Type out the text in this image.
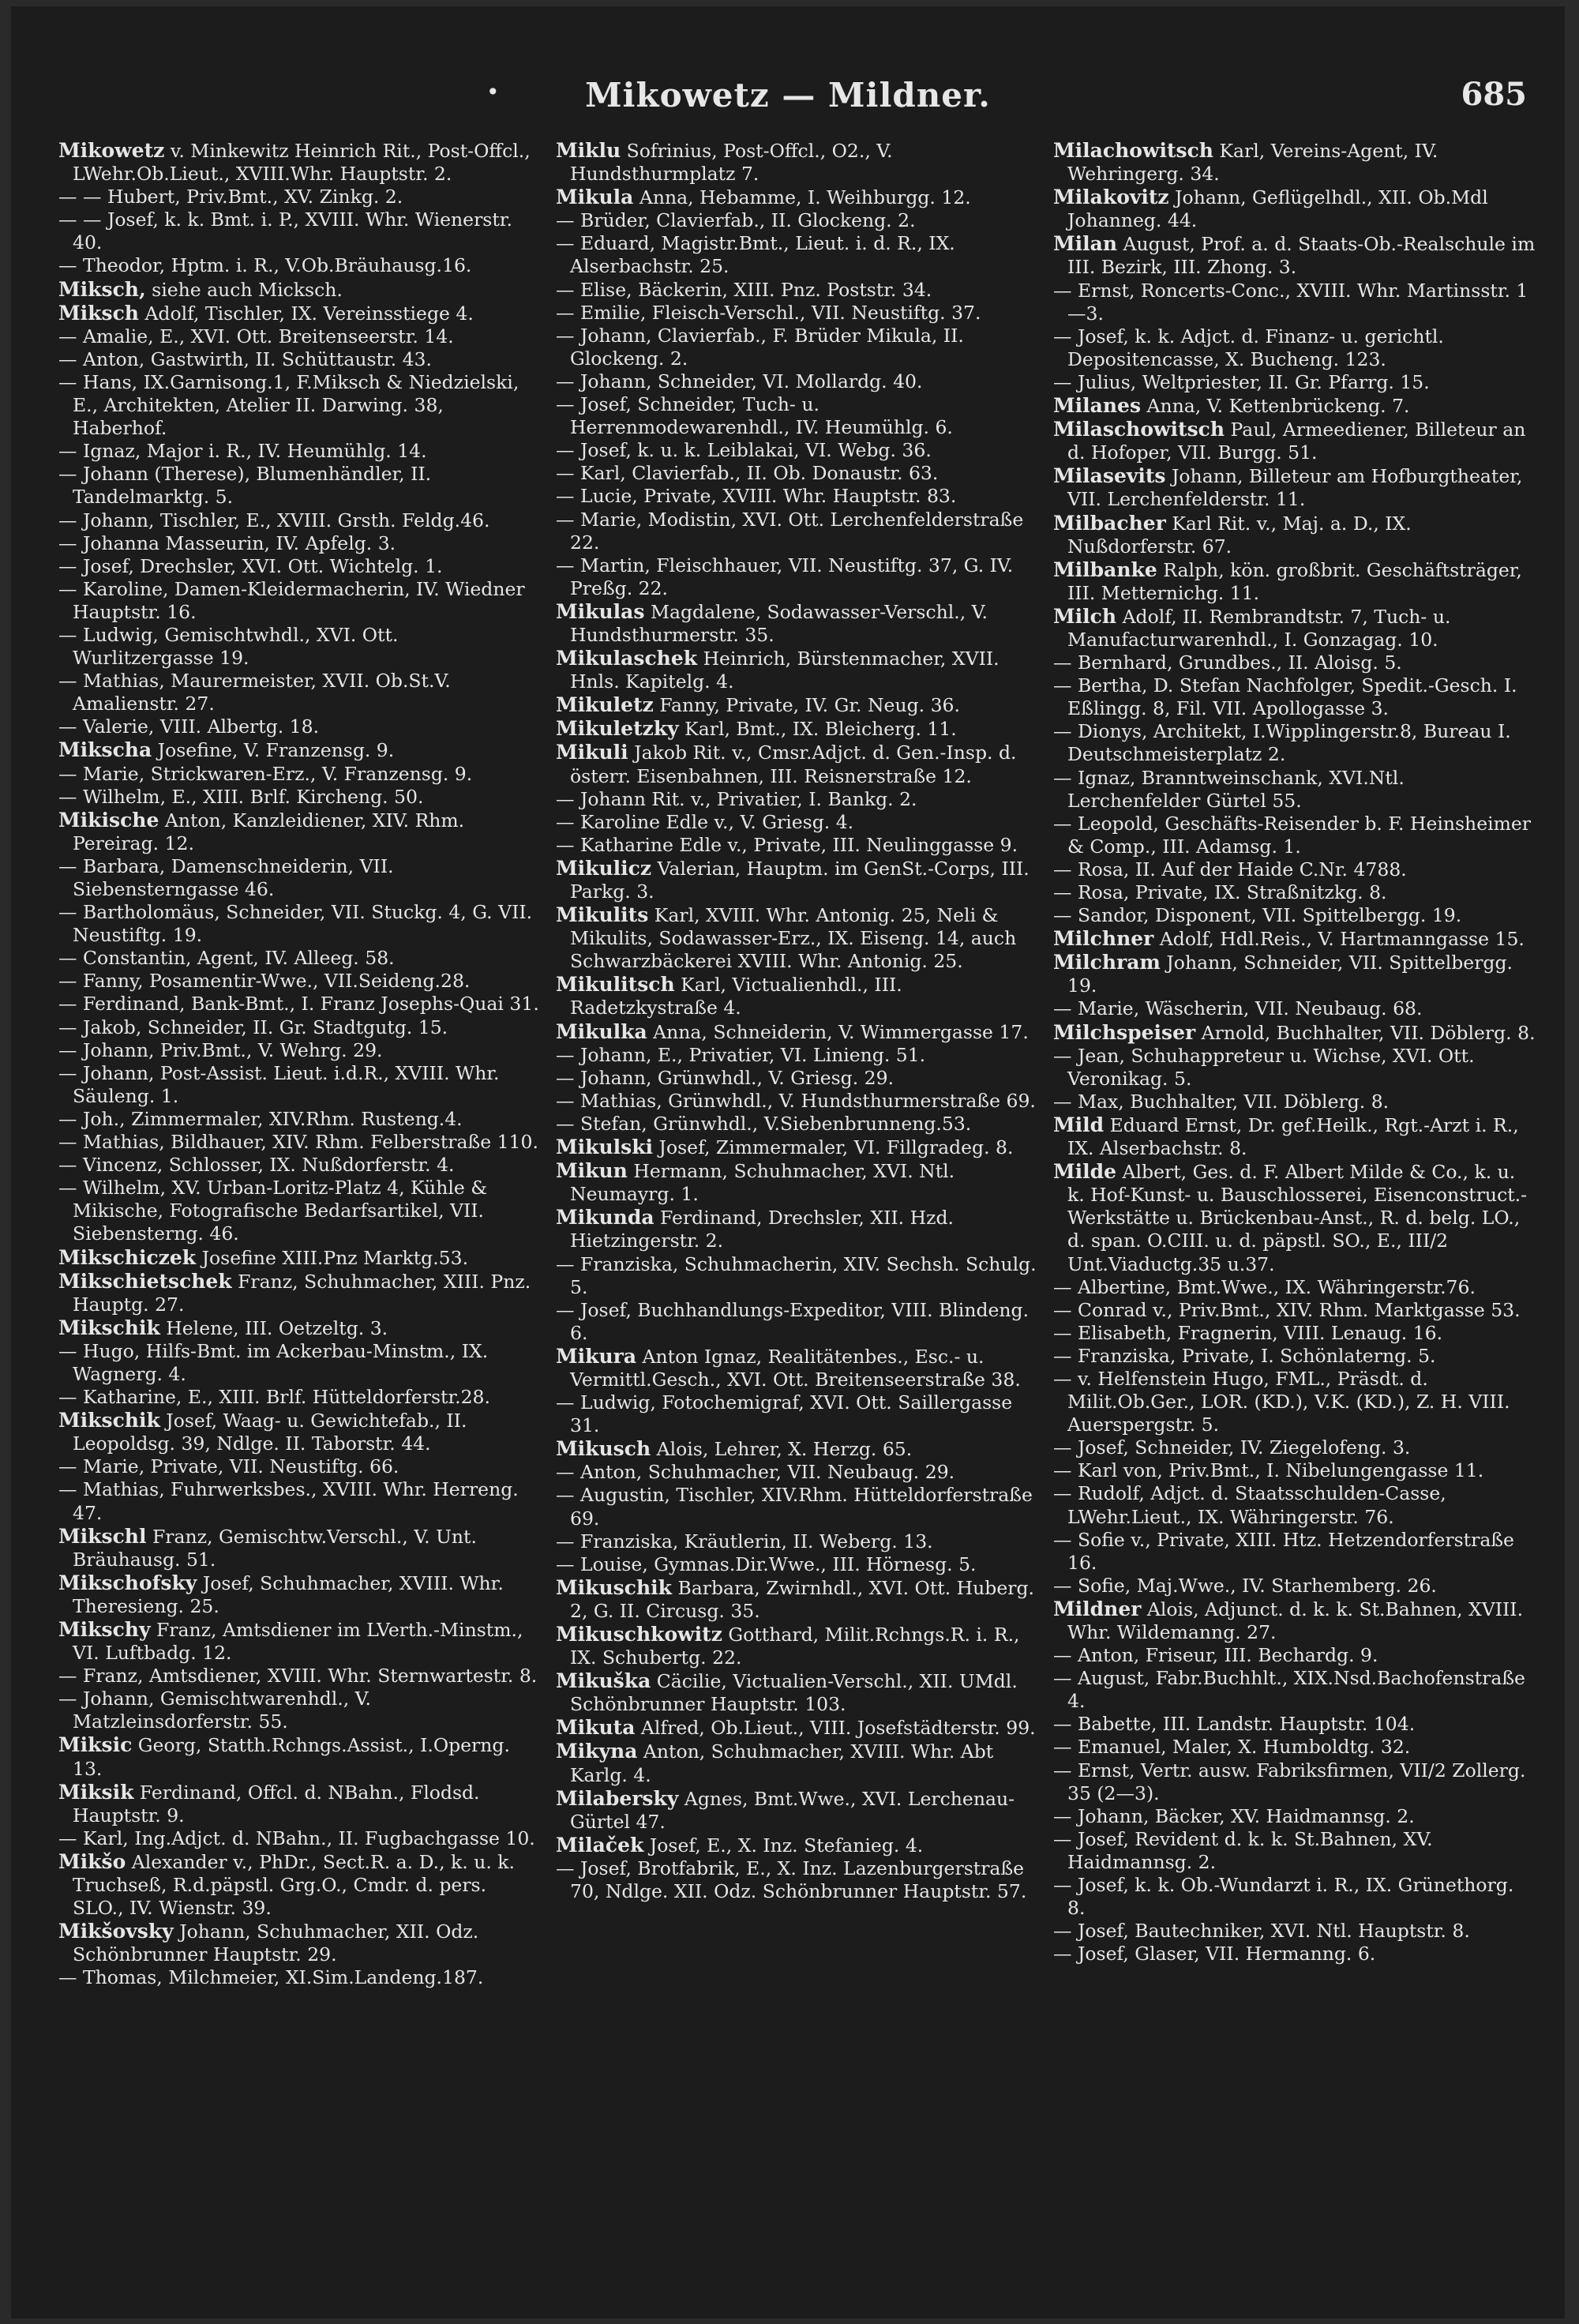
•	Mikowetz — Mildner.	685

Mikowetz v. Minkewitz Heinrich Rit., Post-Offcl., LWehr.Ob.Lieut., XVIII.Whr. Hauptstr. 2.

— — Hubert, Priv.Bmt., XV. Zinkg. 2.

— — Josef, k. k. Bmt. i. P., XVIII. Whr. Wienerstr. 40.

— Theodor, Hptm. i. R., V.Ob.Bräuhausg.16.

Miksch, siehe auch Micksch.

Miksch Adolf, Tischler, IX. Vereinsstiege 4.

— Amalie, E., XVI. Ott. Breitenseerstr. 14.

— Anton, Gastwirth, II. Schüttaustr. 43.

— Hans, IX.Garnisong.1, F.Miksch & Niedzielski, E., Architekten, Atelier II. Darwing. 38, Haberhof.

— Ignaz, Major i. R., IV. Heumühlg. 14.

— Johann (Therese), Blumenhändler, II. Tandelmarktg. 5.

— Johann, Tischler, E., XVIII. Grsth. Feldg.46.

— Johanna Masseurin, IV. Apfelg. 3.

— Josef, Drechsler, XVI. Ott. Wichtelg. 1.

— Karoline, Damen-Kleidermacherin, IV. Wiedner Hauptstr. 16.

— Ludwig, Gemischtwhdl., XVI. Ott. Wurlitzergasse 19.

— Mathias, Maurermeister, XVII. Ob.St.V. Amalienstr. 27.

— Valerie, VIII. Albertg. 18.

Mikscha Josefine, V. Franzensg. 9.

— Marie, Strickwaren-Erz., V. Franzensg. 9.

— Wilhelm, E., XIII. Brlf. Kircheng. 50.

Mikische Anton, Kanzleidiener, XIV. Rhm. Pereirag. 12.

— Barbara, Damenschneiderin, VII. Siebensterngasse 46.

— Bartholomäus, Schneider, VII. Stuckg. 4, G. VII. Neustiftg. 19.

— Constantin, Agent, IV. Alleeg. 58.

— Fanny, Posamentir-Wwe., VII.Seideng.28.

— Ferdinand, Bank-Bmt., I. Franz Josephs-Quai 31.

— Jakob, Schneider, II. Gr. Stadtgutg. 15.

— Johann, Priv.Bmt., V. Wehrg. 29.

— Johann, Post-Assist. Lieut. i.d.R., XVIII. Whr. Säuleng. 1.

— Joh., Zimmermaler, XIV.Rhm. Rusteng.4.

— Mathias, Bildhauer, XIV. Rhm. Felberstraße 110.

— Vincenz, Schlosser, IX. Nußdorferstr. 4.

— Wilhelm, XV. Urban-Loritz-Platz 4, Kühle & Mikische, Fotografische Bedarfsartikel, VII. Siebensterng. 46.

Mikschiczek Josefine XIII.Pnz Marktg.53.

Mikschietschek Franz, Schuhmacher, XIII. Pnz. Hauptg. 27.

Mikschik Helene, III. Oetzeltg. 3.

— Hugo, Hilfs-Bmt. im Ackerbau-Minstm., IX. Wagnerg. 4.

— Katharine, E., XIII. Brlf. Hütteldorferstr.28.

Mikschik Josef, Waag- u. Gewichtefab., II. Leopoldsg. 39, Ndlge. II. Taborstr. 44.

— Marie, Private, VII. Neustiftg. 66.

— Mathias, Fuhrwerksbes., XVIII. Whr. Herreng. 47.

Mikschl Franz, Gemischtw.Verschl., V. Unt. Bräuhausg. 51.

Mikschofsky Josef, Schuhmacher, XVIII. Whr. Theresieng. 25.

Mikschy Franz, Amtsdiener im LVerth.-Minstm., VI. Luftbadg. 12.

— Franz, Amtsdiener, XVIII. Whr. Sternwartestr. 8.

— Johann, Gemischtwarenhdl., V. Matzleinsdorferstr. 55.

Miksic Georg, Statth.Rchngs.Assist., I.Operng. 13.

Miksik Ferdinand, Offcl. d. NBahn., Flodsd. Hauptstr. 9.

— Karl, Ing.Adjct. d. NBahn., II. Fugbachgasse 10.

Mikšo Alexander v., PhDr., Sect.R. a. D., k. u. k. Truchseß, R.d.päpstl. Grg.O., Cmdr. d. pers. SLO., IV. Wienstr. 39.

Mikšovsky Johann, Schuhmacher, XII. Odz. Schönbrunner Hauptstr. 29.

— Thomas, Milchmeier, XI.Sim.Landeng.187.

Miklu Sofrinius, Post-Offcl., O2., V. Hundsthurmplatz 7.

Mikula Anna, Hebamme, I. Weihburgg. 12.

— Brüder, Clavierfab., II. Glockeng. 2.

— Eduard, Magistr.Bmt., Lieut. i. d. R., IX. Alserbachstr. 25.

— Elise, Bäckerin, XIII. Pnz. Poststr. 34.

— Emilie, Fleisch-Verschl., VII. Neustiftg. 37.

— Johann, Clavierfab., F. Brüder Mikula, II. Glockeng. 2.

— Johann, Schneider, VI. Mollardg. 40.

— Josef, Schneider, Tuch- u. Herrenmodewarenhdl., IV. Heumühlg. 6.

— Josef, k. u. k. Leiblakai, VI. Webg. 36.

— Karl, Clavierfab., II. Ob. Donaustr. 63.

— Lucie, Private, XVIII. Whr. Hauptstr. 83.

— Marie, Modistin, XVI. Ott. Lerchenfelderstraße 22.

— Martin, Fleischhauer, VII. Neustiftg. 37, G. IV. Preßg. 22.

Mikulas Magdalene, Sodawasser-Verschl., V. Hundsthurmerstr. 35.

Mikulaschek Heinrich, Bürstenmacher, XVII. Hnls. Kapitelg. 4.

Mikuletz Fanny, Private, IV. Gr. Neug. 36.

Mikuletzky Karl, Bmt., IX. Bleicherg. 11.

Mikuli Jakob Rit. v., Cmsr.Adjct. d. Gen.-Insp. d. österr. Eisenbahnen, III. Reisnerstraße 12.

— Johann Rit. v., Privatier, I. Bankg. 2.

— Karoline Edle v., V. Griesg. 4.

— Katharine Edle v., Private, III. Neulinggasse 9.

Mikulicz Valerian, Hauptm. im GenSt.-Corps, III. Parkg. 3.

Mikulits Karl, XVIII. Whr. Antonig. 25, Neli & Mikulits, Sodawasser-Erz., IX. Eiseng. 14, auch Schwarzbäckerei XVIII. Whr. Antonig. 25.

Mikulitsch Karl, Victualienhdl., III. Radetzkystraße 4.

Mikulka Anna, Schneiderin, V. Wimmergasse 17.

— Johann, E., Privatier, VI. Linieng. 51.

— Johann, Grünwhdl., V. Griesg. 29.

— Mathias, Grünwhdl., V. Hundsthurmerstraße 69.

— Stefan, Grünwhdl., V.Siebenbrunneng.53.

Mikulski Josef, Zimmermaler, VI. Fillgradeg. 8.

Mikun Hermann, Schuhmacher, XVI. Ntl. Neumayrg. 1.

Mikunda Ferdinand, Drechsler, XII. Hzd. Hietzingerstr. 2.

— Franziska, Schuhmacherin, XIV. Sechsh. Schulg. 5.

— Josef, Buchhandlungs-Expeditor, VIII. Blindeng. 6.

Mikura Anton Ignaz, Realitätenbes., Esc.- u. Vermittl.Gesch., XVI. Ott. Breitenseerstraße 38.

— Ludwig, Fotochemigraf, XVI. Ott. Saillergasse 31.

Mikusch Alois, Lehrer, X. Herzg. 65.

— Anton, Schuhmacher, VII. Neubaug. 29.

— Augustin, Tischler, XIV.Rhm. Hütteldorferstraße 69.

— Franziska, Kräutlerin, II. Weberg. 13.

— Louise, Gymnas.Dir.Wwe., III. Hörnesg. 5.

Mikuschik Barbara, Zwirnhdl., XVI. Ott. Huberg. 2, G. II. Circusg. 35.

Mikuschkowitz Gotthard, Milit.Rchngs.R. i. R., IX. Schubertg. 22.

Mikuška Cäcilie, Victualien-Verschl., XII. UMdl. Schönbrunner Hauptstr. 103.

Mikuta Alfred, Ob.Lieut., VIII. Josefstädterstr. 99.

Mikyna Anton, Schuhmacher, XVIII. Whr. Abt Karlg. 4.

Milabersky Agnes, Bmt.Wwe., XVI. Lerchenau-Gürtel 47.

Milaček Josef, E., X. Inz. Stefanieg. 4.

— Josef, Brotfabrik, E., X. Inz. Lazenburgerstraße 70, Ndlge. XII. Odz. Schönbrunner Hauptstr. 57.

Milachowitsch Karl, Vereins-Agent, IV. Wehringerg. 34.

Milakovitz Johann, Geflügelhdl., XII. Ob.Mdl Johanneg. 44.

Milan August, Prof. a. d. Staats-Ob.-Realschule im III. Bezirk, III. Zhong. 3.

— Ernst, Roncerts-Conc., XVIII. Whr. Martinsstr. 1—3.

— Josef, k. k. Adjct. d. Finanz- u. gerichtl. Depositencasse, X. Bucheng. 123.

— Julius, Weltpriester, II. Gr. Pfarrg. 15.

Milanes Anna, V. Kettenbrückeng. 7.

Milaschowitsch Paul, Armeediener, Billeteur an d. Hofoper, VII. Burgg. 51.

Milasevits Johann, Billeteur am Hofburgtheater, VII. Lerchenfelderstr. 11.

Milbacher Karl Rit. v., Maj. a. D., IX. Nußdorferstr. 67.

Milbanke Ralph, kön. großbrit. Geschäftsträger, III. Metternichg. 11.

Milch Adolf, II. Rembrandtstr. 7, Tuch- u. Manufacturwarenhdl., I. Gonzagag. 10.

— Bernhard, Grundbes., II. Aloisg. 5.

— Bertha, D. Stefan Nachfolger, Spedit.-Gesch. I. Eßlingg. 8, Fil. VII. Apollogasse 3.

— Dionys, Architekt, I.Wipplingerstr.8, Bureau I. Deutschmeisterplatz 2.

— Ignaz, Branntweinschank, XVI.Ntl. Lerchenfelder Gürtel 55.

— Leopold, Geschäfts-Reisender b. F. Heinsheimer & Comp., III. Adamsg. 1.

— Rosa, II. Auf der Haide C.Nr. 4788.

— Rosa, Private, IX. Straßnitzkg. 8.

— Sandor, Disponent, VII. Spittelbergg. 19.

Milchner Adolf, Hdl.Reis., V. Hartmanngasse 15.

Milchram Johann, Schneider, VII. Spittelbergg. 19.

— Marie, Wäscherin, VII. Neubaug. 68.

Milchspeiser Arnold, Buchhalter, VII. Döblerg. 8.

— Jean, Schuhappreteur u. Wichse, XVI. Ott. Veronikag. 5.

— Max, Buchhalter, VII. Döblerg. 8.

Mild Eduard Ernst, Dr. gef.Heilk., Rgt.-Arzt i. R., IX. Alserbachstr. 8.

Milde Albert, Ges. d. F. Albert Milde & Co., k. u. k. Hof-Kunst- u. Bauschlosserei, Eisenconstruct.-Werkstätte u. Brückenbau-Anst., R. d. belg. LO., d. span. O.CIII. u. d. päpstl. SO., E., III/2 Unt.Viaductg.35 u.37.

— Albertine, Bmt.Wwe., IX. Währingerstr.76.

— Conrad v., Priv.Bmt., XIV. Rhm. Marktgasse 53.

— Elisabeth, Fragnerin, VIII. Lenaug. 16.

— Franziska, Private, I. Schönlaterng. 5.

— v. Helfenstein Hugo, FML., Präsdt. d. Milit.Ob.Ger., LOR. (KD.), V.K. (KD.), Z. H. VIII. Auerspergstr. 5.

— Josef, Schneider, IV. Ziegelofeng. 3.

— Karl von, Priv.Bmt., I. Nibelungengasse 11.

— Rudolf, Adjct. d. Staatsschulden-Casse, LWehr.Lieut., IX. Währingerstr. 76.

— Sofie v., Private, XIII. Htz. Hetzendorferstraße 16.

— Sofie, Maj.Wwe., IV. Starhemberg. 26.

Mildner Alois, Adjunct. d. k. k. St.Bahnen, XVIII. Whr. Wildemanng. 27.

— Anton, Friseur, III. Bechardg. 9.

— August, Fabr.Buchhlt., XIX.Nsd.Bachofenstraße 4.

— Babette, III. Landstr. Hauptstr. 104.

— Emanuel, Maler, X. Humboldtg. 32.

— Ernst, Vertr. ausw. Fabriksfirmen, VII/2 Zollerg. 35 (2—3).

— Johann, Bäcker, XV. Haidmannsg. 2.

— Josef, Revident d. k. k. St.Bahnen, XV. Haidmannsg. 2.

— Josef, k. k. Ob.-Wundarzt i. R., IX. Grünethorg. 8.

— Josef, Bautechniker, XVI. Ntl. Hauptstr. 8.

— Josef, Glaser, VII. Hermanng. 6.
